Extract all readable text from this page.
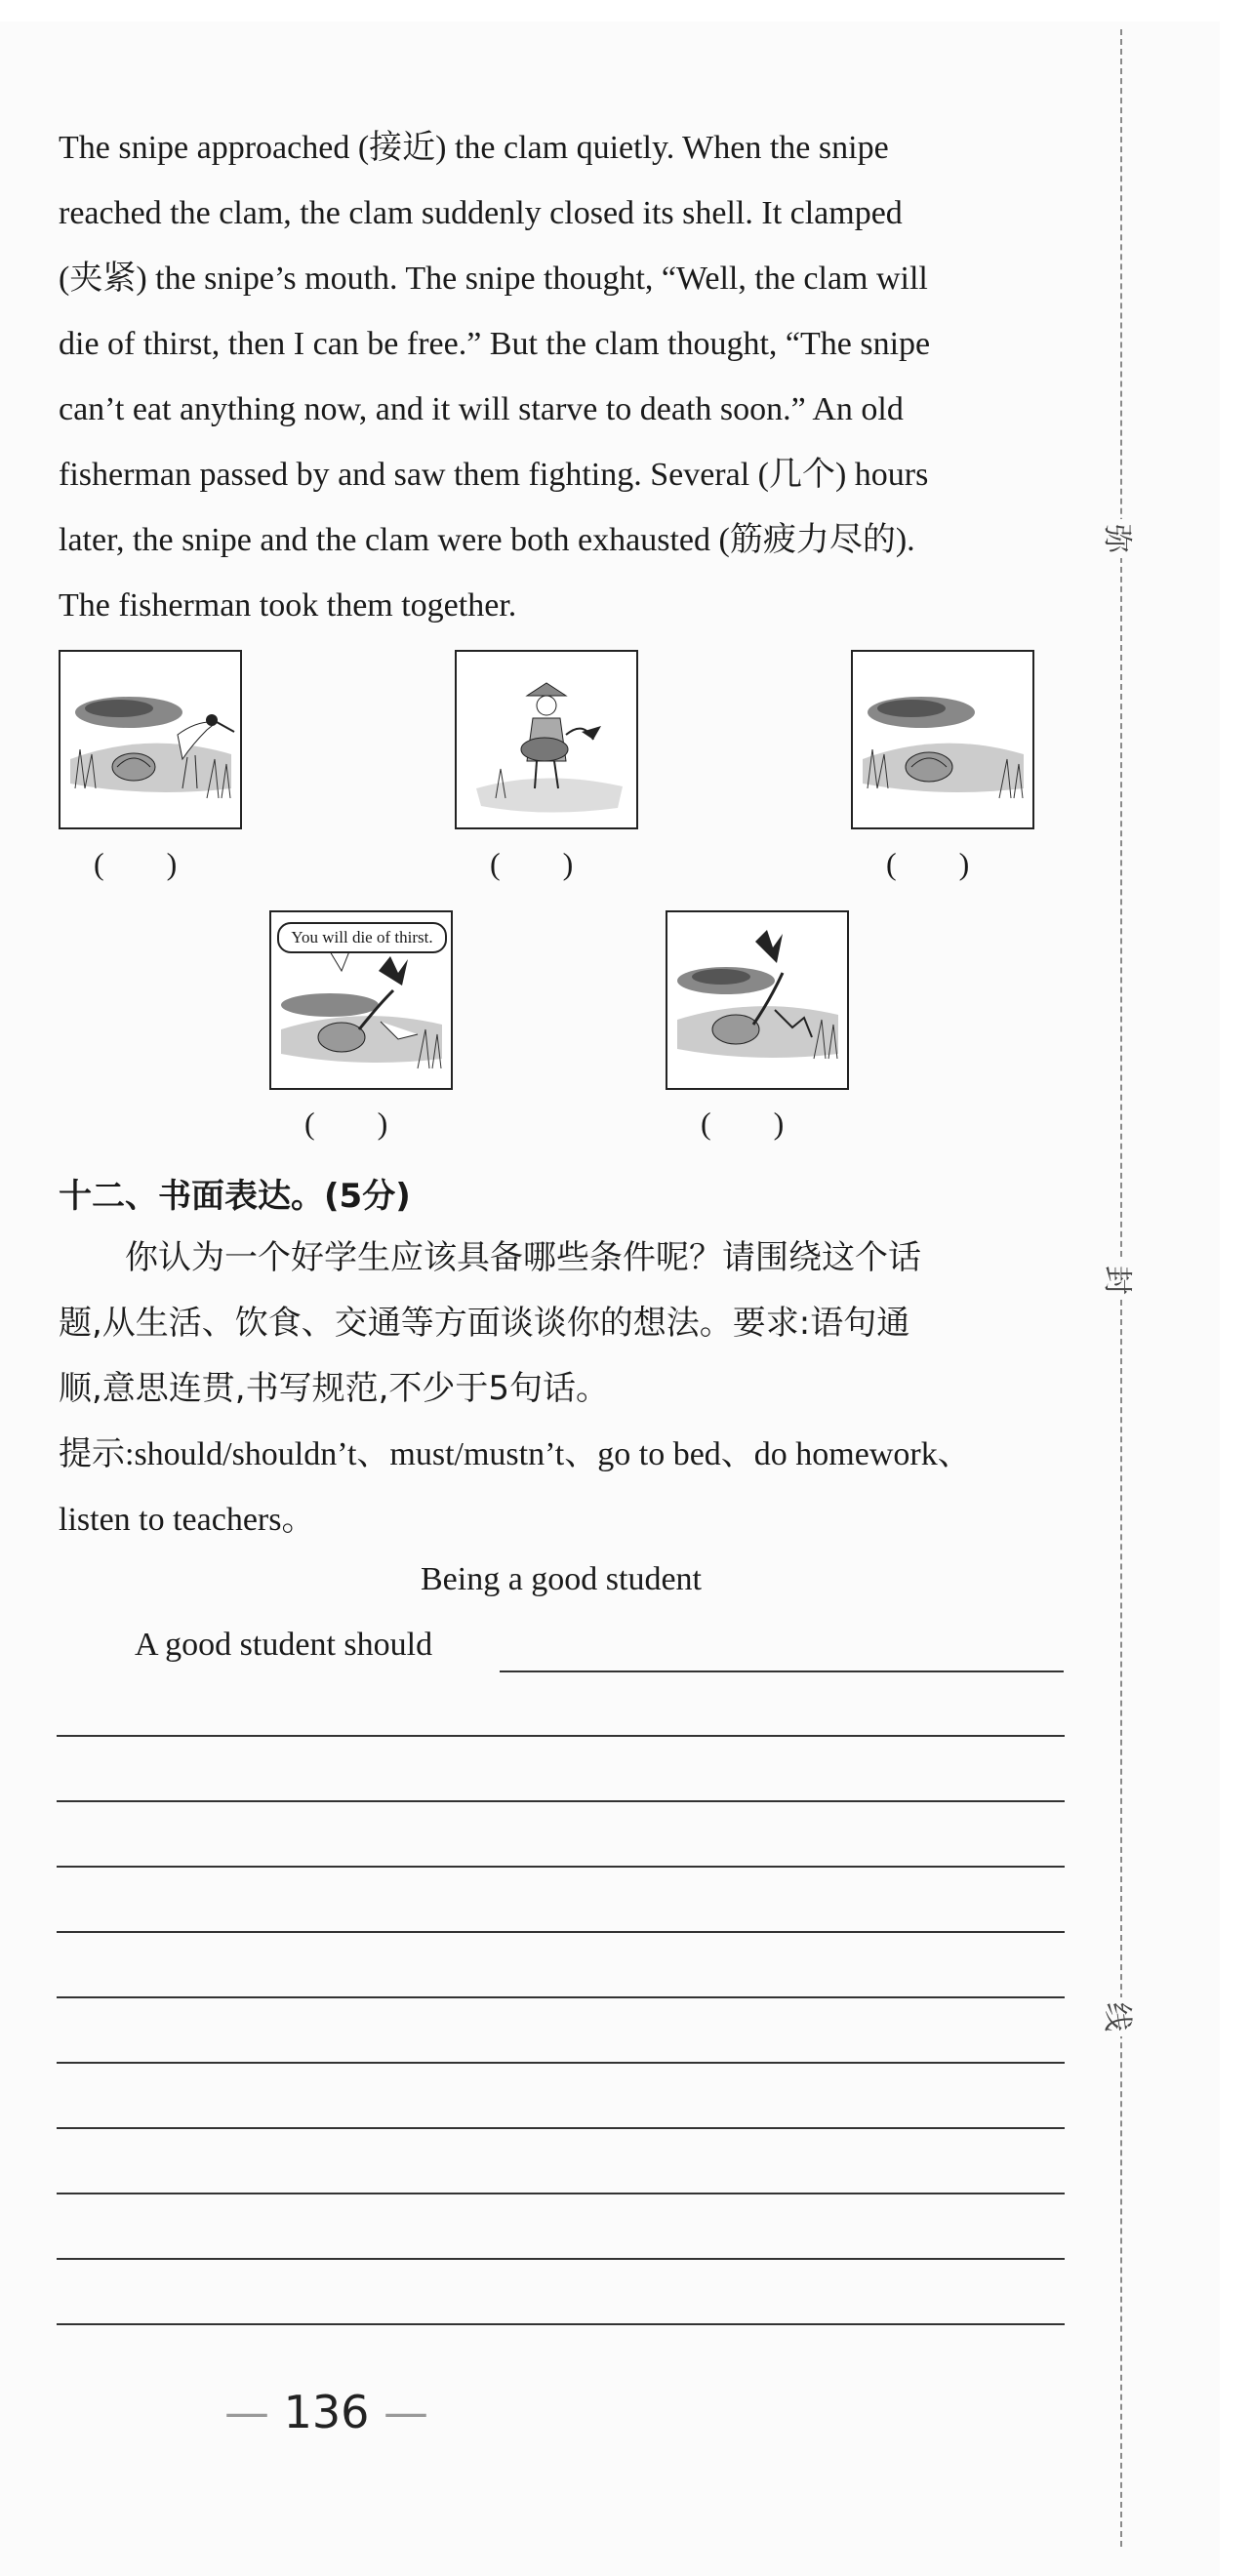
弥
封
线
The snipe approached (接近) the clam quietly. When the snipe
reached the clam, the clam suddenly closed its shell. It clamped
(夹紧) the snipe’s mouth. The snipe thought, “Well, the clam will
die of thirst, then I can be free.” But the clam thought, “The snipe
can’t eat anything now, and it will starve to death soon.” An old
fisherman passed by and saw them fighting. Several (几个) hours
later, the snipe and the clam were both exhausted (筋疲力尽的).
The fisherman took them together.
(　　)	(　　)	(　　)
You will die of thirst.
(　　)	(　　)
十二、书面表达。(5分)
　　你认为一个好学生应该具备哪些条件呢？请围绕这个话
题,从生活、饮食、交通等方面谈谈你的想法。要求:语句通
顺,意思连贯,书写规范,不少于5句话。
提示:should/shouldn’t、must/mustn’t、go to bed、do homework、
listen to teachers。
Being a good student
A good student should
— 136 —
